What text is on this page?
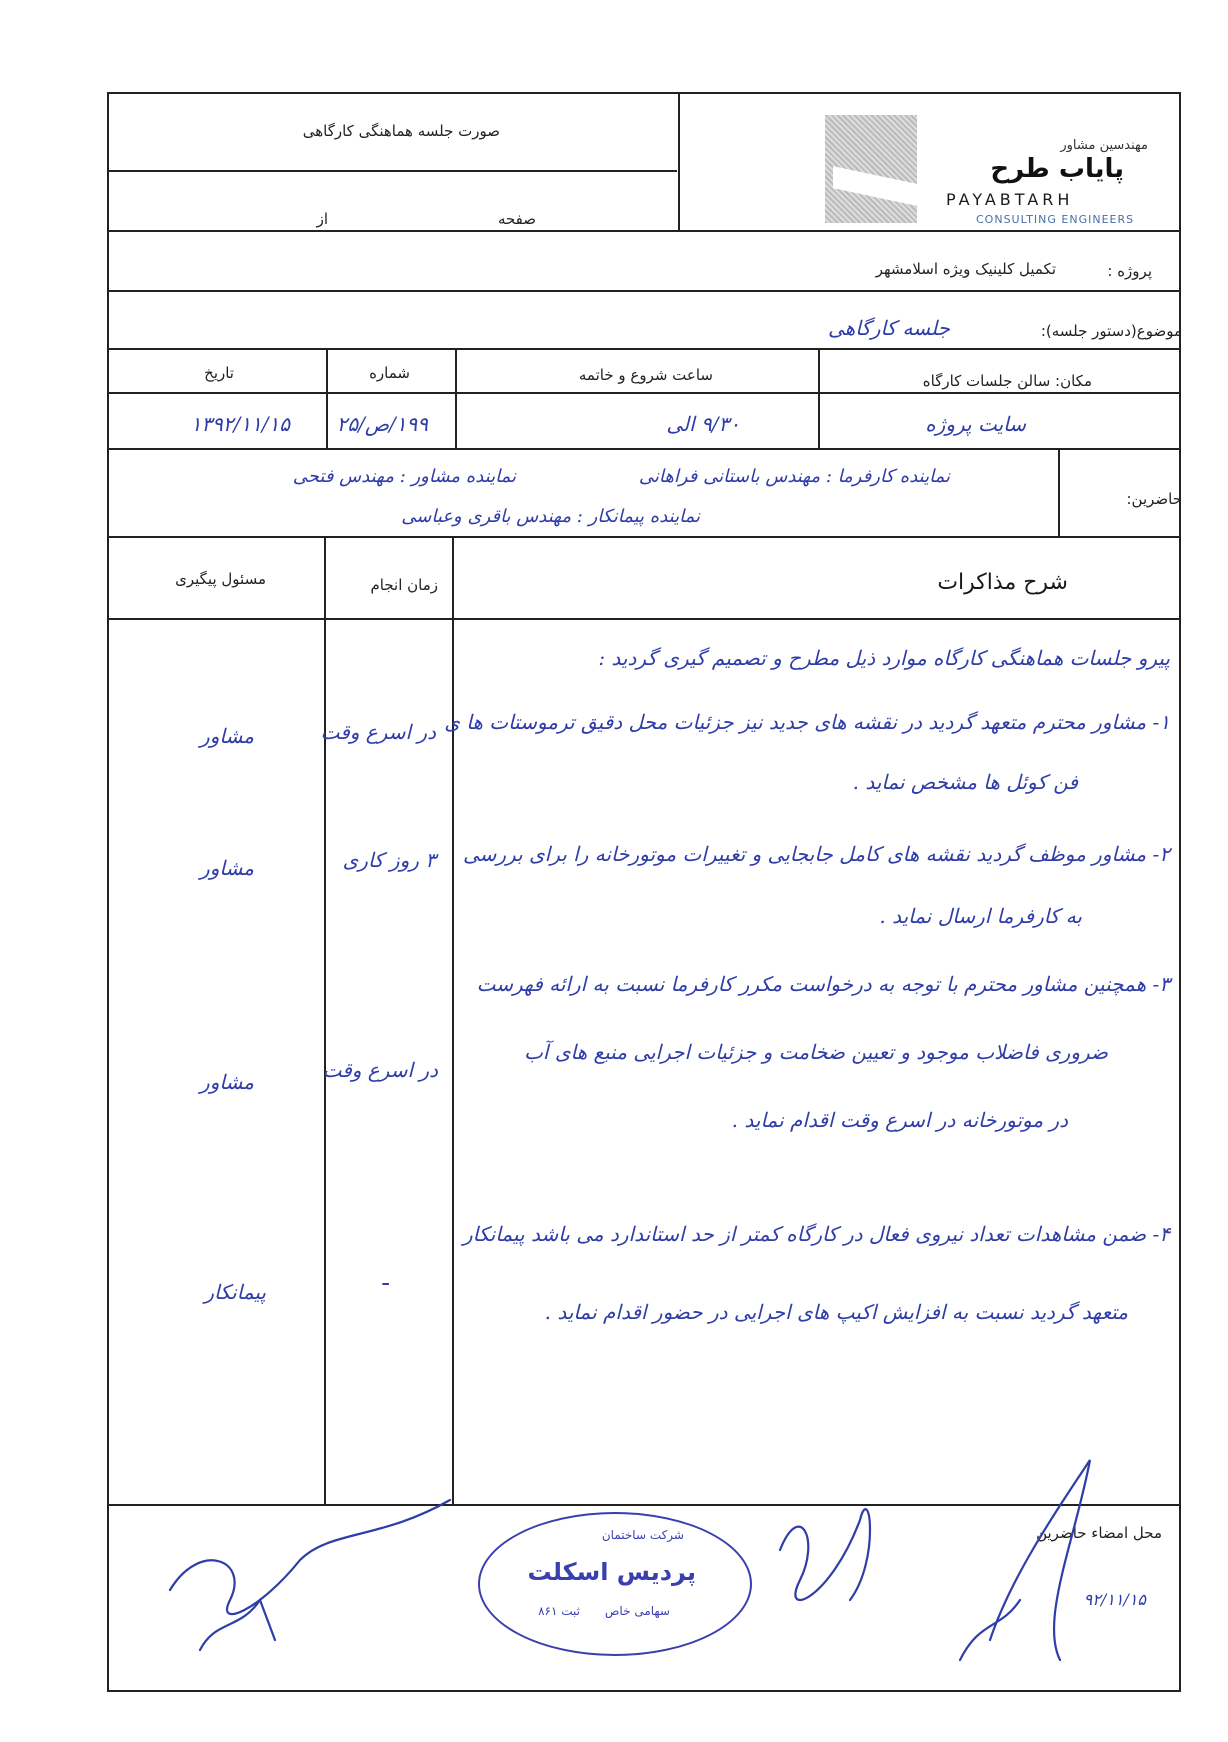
صورت جلسه هماهنگی کارگاهی
صفحه
از
مهندسین مشاور
پایاب طرح
PAYABTARH
CONSULTING ENGINEERS
پروژه :
تکمیل کلینیک ویژه اسلامشهر
موضوع(دستور جلسه):
جلسه کارگاهی
مکان: سالن جلسات کارگاه
ساعت شروع و خاتمه
شماره
تاریخ
سایت پروژه
۹/۳۰ الی
۱۹۹/ص/۲۵
۱۳۹۲/۱۱/۱۵
حاضرین:
نماینده کارفرما : مهندس باستانی فراهانی
نماینده مشاور : مهندس فتحی
نماینده پیمانکار : مهندس باقری وعباسی
شرح مذاکرات
زمان انجام
مسئول پیگیری
پیرو جلسات هماهنگی کارگاه موارد ذیل مطرح و تصمیم گیری گردید :
۱- مشاور محترم متعهد گردید در نقشه های جدید نیز جزئیات محل دقیق ترموستات ها ی
فن کوئل ها مشخص نماید .
در اسرع وقت
مشاور
۲- مشاور موظف گردید نقشه های کامل جابجایی و تغییرات موتورخانه را برای بررسی
به کارفرما ارسال نماید .
۳ روز کاری
مشاور
۳- همچنین مشاور محترم با توجه به درخواست مکرر کارفرما نسبت به ارائه فهرست
ضروری فاضلاب موجود و تعیین ضخامت و جزئیات اجرایی منبع های آب
در موتورخانه در اسرع وقت اقدام نماید .
در اسرع وقت
مشاور
۴- ضمن مشاهدات تعداد نیروی فعال در کارگاه کمتر از حد استاندارد می باشد پیمانکار
متعهد گردید نسبت به افزایش اکیپ های اجرایی در حضور اقدام نماید .
-
پیمانکار
محل امضاء حاضرین
۹۲/۱۱/۱۵
شرکت ساختمان
پردیس اسکلت
سهامی خاص
ثبت ۸۶۱
